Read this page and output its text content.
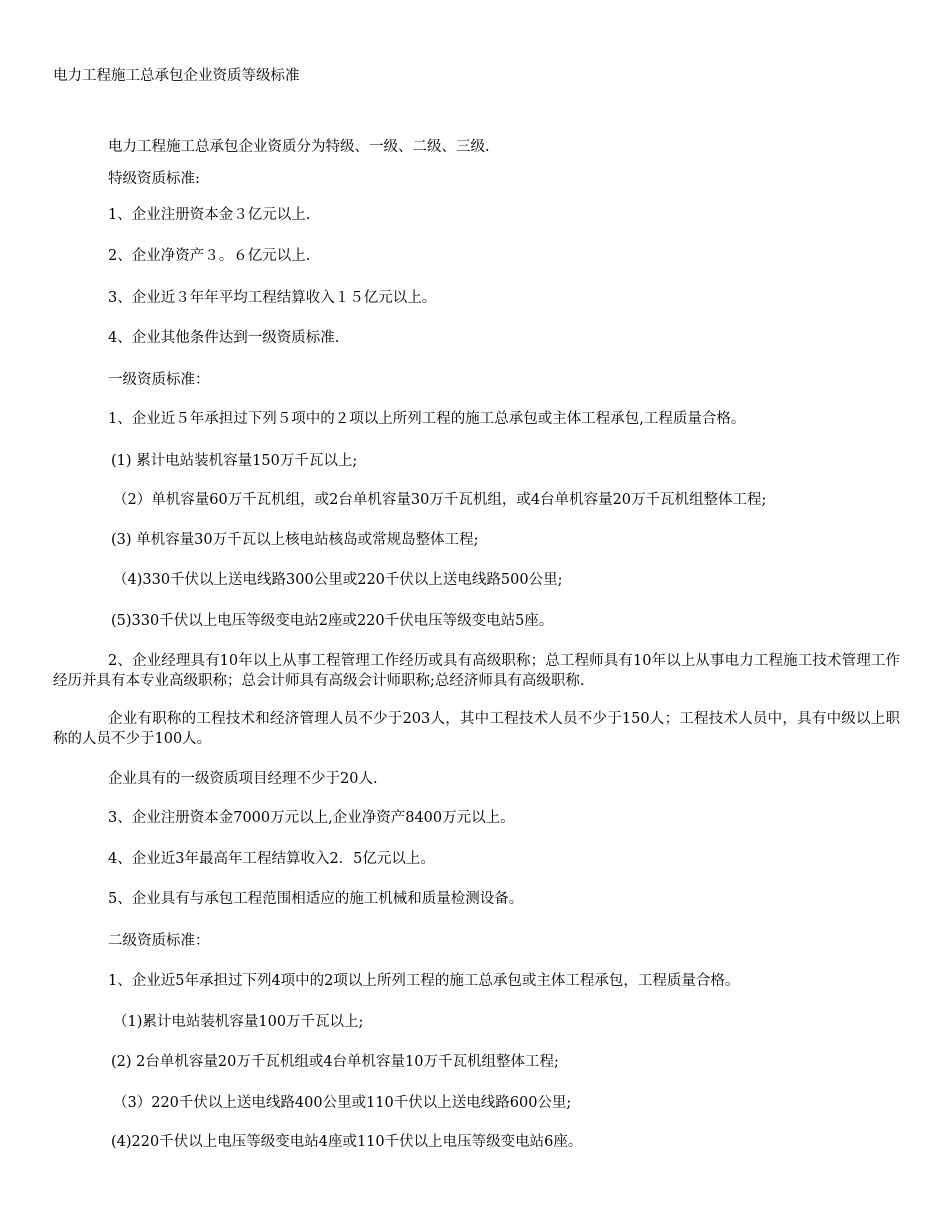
电力工程施工总承包企业资质等级标准

电力工程施工总承包企业资质分为特级、一级、二级、三级.

特级资质标准:

1、企业注册资本金３亿元以上.

2、企业净资产３。６亿元以上.

3、企业近３年年平均工程结算收入１５亿元以上。

4、企业其他条件达到一级资质标准.

一级资质标准：

1、企业近５年承担过下列５项中的２项以上所列工程的施工总承包或主体工程承包,工程质量合格。

(1) 累计电站装机容量150万千瓦以上;

（2）单机容量60万千瓦机组，或2台单机容量30万千瓦机组，或4台单机容量20万千瓦机组整体工程;

(3) 单机容量30万千瓦以上核电站核岛或常规岛整体工程;

（4)330千伏以上送电线路300公里或220千伏以上送电线路500公里;

(5)330千伏以上电压等级变电站2座或220千伏电压等级变电站5座。

2、企业经理具有10年以上从事工程管理工作经历或具有高级职称；总工程师具有10年以上从事电力工程施工技术管理工作经历并具有本专业高级职称；总会计师具有高级会计师职称;总经济师具有高级职称.

企业有职称的工程技术和经济管理人员不少于203人，其中工程技术人员不少于150人；工程技术人员中，具有中级以上职称的人员不少于100人。

企业具有的一级资质项目经理不少于20人.

3、企业注册资本金7000万元以上,企业净资产8400万元以上。

4、企业近3年最高年工程结算收入2．5亿元以上。

5、企业具有与承包工程范围相适应的施工机械和质量检测设备。

二级资质标准：

1、企业近5年承担过下列4项中的2项以上所列工程的施工总承包或主体工程承包，工程质量合格。

（1)累计电站装机容量100万千瓦以上;

(2) 2台单机容量20万千瓦机组或4台单机容量10万千瓦机组整体工程;

（3）220千伏以上送电线路400公里或110千伏以上送电线路600公里;

(4)220千伏以上电压等级变电站4座或110千伏以上电压等级变电站6座。
